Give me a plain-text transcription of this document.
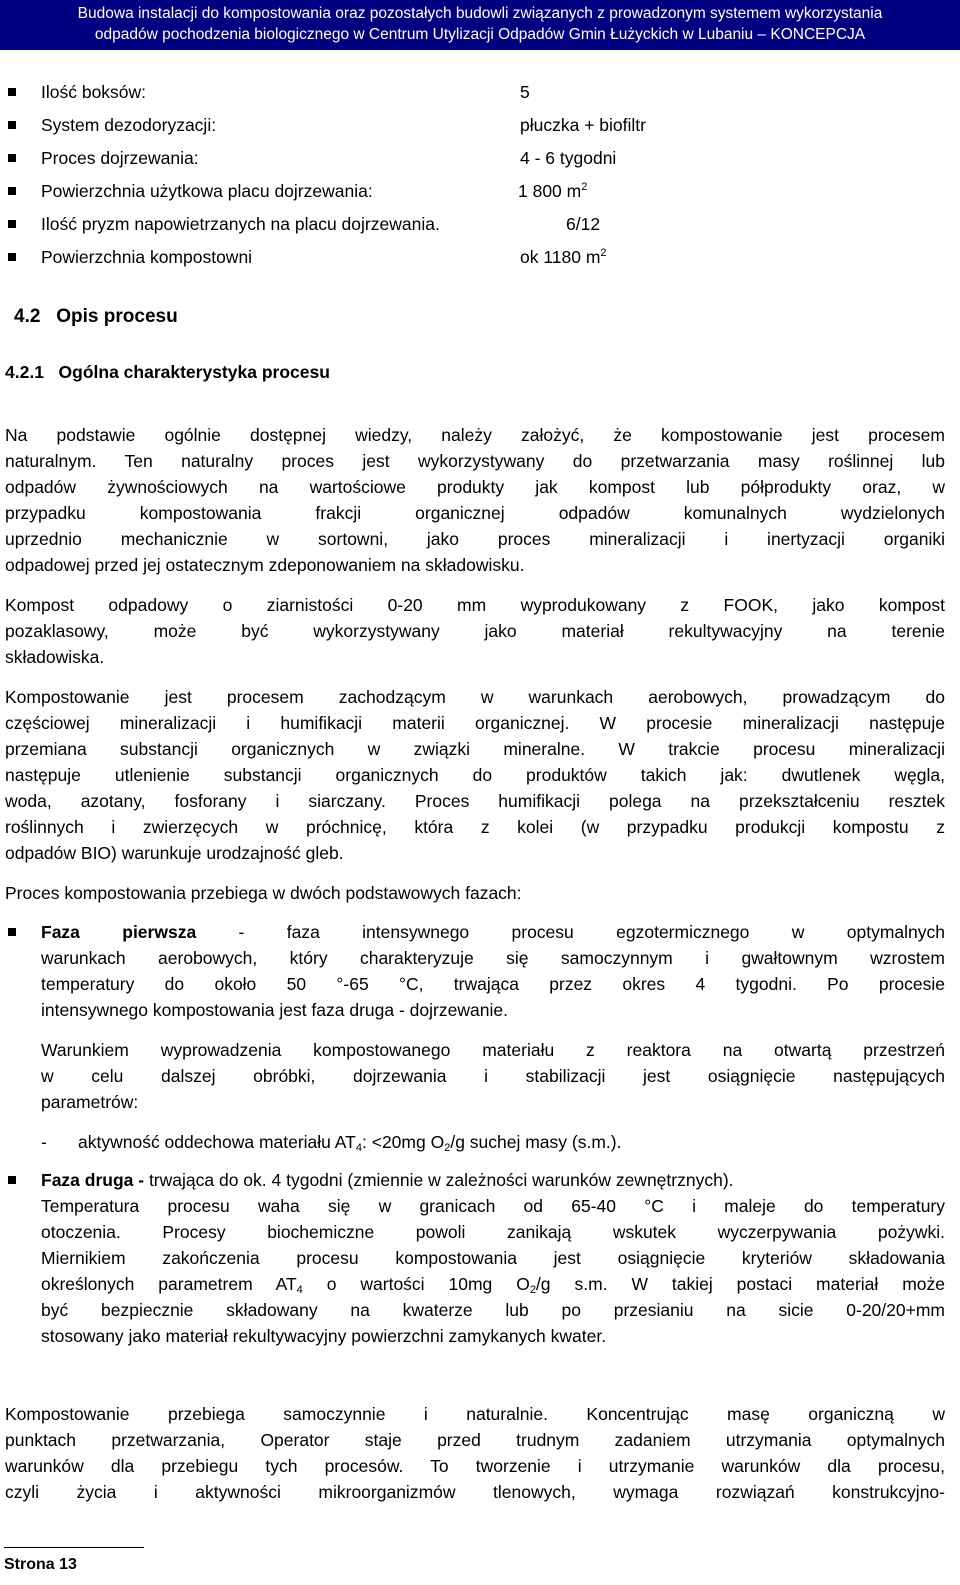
Budowa instalacji do kompostowania oraz pozostałych budowli związanych z prowadzonym systemem wykorzystania
odpadów pochodzenia biologicznego w Centrum Utylizacji Odpadów Gmin Łużyckich w Lubaniu – KONCEPCJA
Ilość boksów:	5
System dezodoryzacji:	płuczka + biofiltr
Proces dojrzewania:	4 - 6 tygodni
Powierzchnia użytkowa placu dojrzewania:	1 800 $m^2$
Ilość pryzm napowietrzanych na placu dojrzewania.	6/12
Powierzchnia kompostowni	ok 1180 $m^2$
4.2 Opis procesu
4.2.1 Ogólna charakterystyka procesu
Na podstawie ogólnie dostępnej wiedzy, należy założyć, że kompostowanie jest procesem
naturalnym. Ten naturalny proces jest wykorzystywany do przetwarzania masy roślinnej lub
odpadów żywnościowych na wartościowe produkty jak kompost lub półprodukty oraz, w
przypadku kompostowania frakcji organicznej odpadów komunalnych wydzielonych
uprzednio mechanicznie w sortowni, jako proces mineralizacji i inertyzacji organiki
odpadowej przed jej ostatecznym zdeponowaniem na składowisku.
Kompost odpadowy o ziarnistości 0-20 mm wyprodukowany z FOOK, jako kompost
pozaklasowy, może być wykorzystywany jako materiał rekultywacyjny na terenie
składowiska.
Kompostowanie jest procesem zachodzącym w warunkach aerobowych, prowadzącym do
częściowej mineralizacji i humifikacji materii organicznej. W procesie mineralizacji następuje
przemiana substancji organicznych w związki mineralne. W trakcie procesu mineralizacji
następuje utlenienie substancji organicznych do produktów takich jak: dwutlenek węgla,
woda, azotany, fosforany i siarczany. Proces humifikacji polega na przekształceniu resztek
roślinnych i zwierzęcych w próchnicę, która z kolei (w przypadku produkcji kompostu z
odpadów BIO) warunkuje urodzajność gleb.
Proces kompostowania przebiega w dwóch podstawowych fazach:
Faza pierwsza - faza intensywnego procesu egzotermicznego w optymalnych
warunkach aerobowych, który charakteryzuje się samoczynnym i gwałtownym wzrostem
temperatury do około 50 °-65 °C, trwająca przez okres 4 tygodni. Po procesie
intensywnego kompostowania jest faza druga - dojrzewanie.
Warunkiem wyprowadzenia kompostowanego materiału z reaktora na otwartą przestrzeń
w celu dalszej obróbki, dojrzewania i stabilizacji jest osiągnięcie następujących
parametrów:
- aktywność oddechowa materiału $AT_4$: <20mg $O_2/g$ suchej masy (s.m.).
Faza druga - trwająca do ok. 4 tygodni (zmiennie w zależności warunków zewnętrznych).
Temperatura procesu waha się w granicach od 65-40 °C i maleje do temperatury
otoczenia. Procesy biochemiczne powoli zanikają wskutek wyczerpywania pożywki.
Miernikiem zakończenia procesu kompostowania jest osiągnięcie kryteriów składowania
określonych parametrem $AT_4$ o wartości 10mg $O_2/g$ s.m. W takiej postaci materiał może
być bezpiecznie składowany na kwaterze lub po przesianiu na sicie 0-20/20+mm
stosowany jako materiał rekultywacyjny powierzchni zamykanych kwater.
Kompostowanie przebiega samoczynnie i naturalnie. Koncentrując masę organiczną w
punktach przetwarzania, Operator staje przed trudnym zadaniem utrzymania optymalnych
warunków dla przebiegu tych procesów. To tworzenie i utrzymanie warunków dla procesu,
czyli życia i aktywności mikroorganizmów tlenowych, wymaga rozwiązań konstrukcyjno-
Strona 13
